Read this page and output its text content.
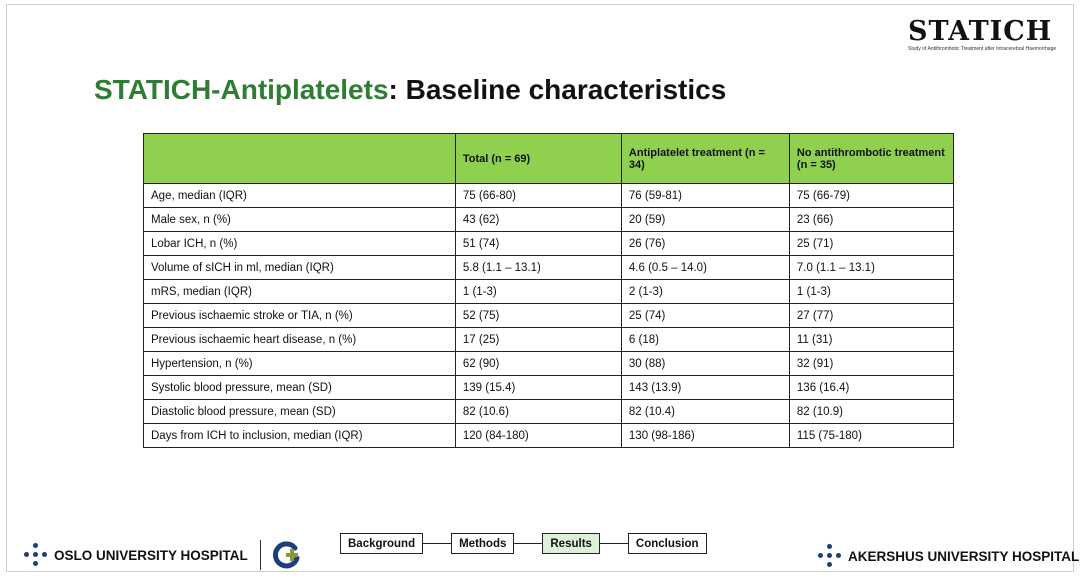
STATICH
Study of Antithrombotic Treatment after Intracerebral Haemorrhage
STATICH-Antiplatelets: Baseline characteristics
	Total (n = 69)	Antiplatelet treatment (n = 34)	No antithrombotic treatment (n = 35)
Age, median (IQR)	75 (66-80)	76 (59-81)	75 (66-79)
Male sex, n (%)	43 (62)	20 (59)	23 (66)
Lobar ICH, n (%)	51 (74)	26 (76)	25 (71)
Volume of sICH in ml, median (IQR)	5.8 (1.1 – 13.1)	4.6 (0.5 – 14.0)	7.0 (1.1 – 13.1)
mRS, median (IQR)	1 (1-3)	2 (1-3)	1 (1-3)
Previous ischaemic stroke or TIA, n (%)	52 (75)	25 (74)	27 (77)
Previous ischaemic heart disease, n (%)	17 (25)	6 (18)	11 (31)
Hypertension, n (%)	62 (90)	30 (88)	32 (91)
Systolic blood pressure, mean (SD)	139 (15.4)	143 (13.9)	136 (16.4)
Diastolic blood pressure, mean (SD)	82 (10.6)	82 (10.4)	82 (10.9)
Days from ICH to inclusion, median (IQR)	120 (84-180)	130 (98-186)	115 (75-180)
OSLO UNIVERSITY HOSPITAL
Background	Methods	Results	Conclusion
AKERSHUS UNIVERSITY HOSPITAL
